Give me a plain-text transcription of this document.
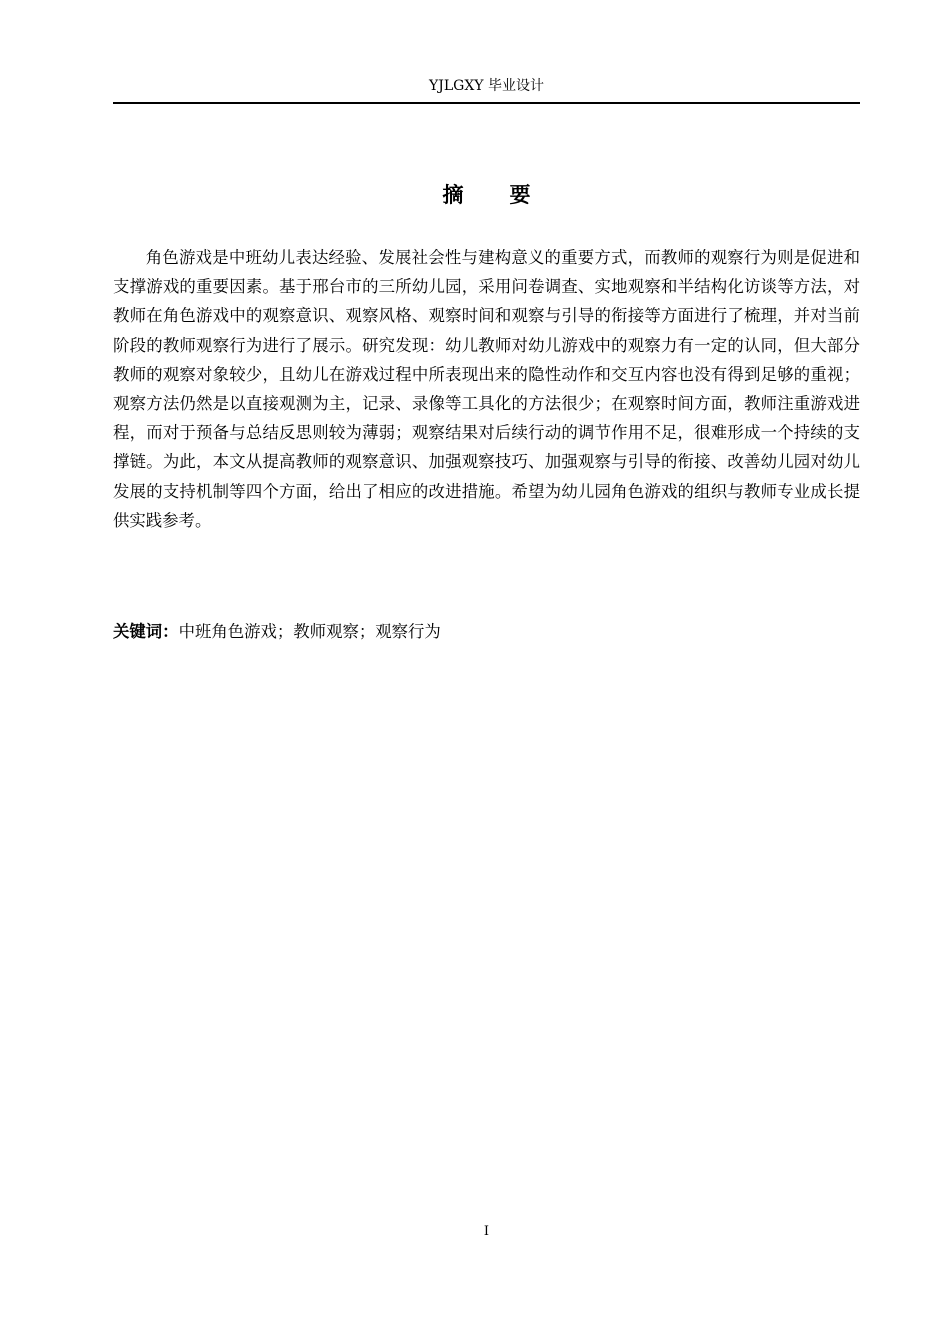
YJLGXY 毕业设计
摘 要

角色游戏是中班幼儿表达经验、发展社会性与建构意义的重要方式，而教师的观察行为则是促进和支撑游戏的重要因素。基于邢台市的三所幼儿园，采用问卷调查、实地观察和半结构化访谈等方法，对教师在角色游戏中的观察意识、观察风格、观察时间和观察与引导的衔接等方面进行了梳理，并对当前阶段的教师观察行为进行了展示。研究发现：幼儿教师对幼儿游戏中的观察力有一定的认同，但大部分教师的观察对象较少，且幼儿在游戏过程中所表现出来的隐性动作和交互内容也没有得到足够的重视；观察方法仍然是以直接观测为主，记录、录像等工具化的方法很少；在观察时间方面，教师注重游戏进程，而对于预备与总结反思则较为薄弱；观察结果对后续行动的调节作用不足，很难形成一个持续的支撑链。为此，本文从提高教师的观察意识、加强观察技巧、加强观察与引导的衔接、改善幼儿园对幼儿发展的支持机制等四个方面，给出了相应的改进措施。希望为幼儿园角色游戏的组织与教师专业成长提供实践参考。

关键词：中班角色游戏；教师观察；观察行为
I
